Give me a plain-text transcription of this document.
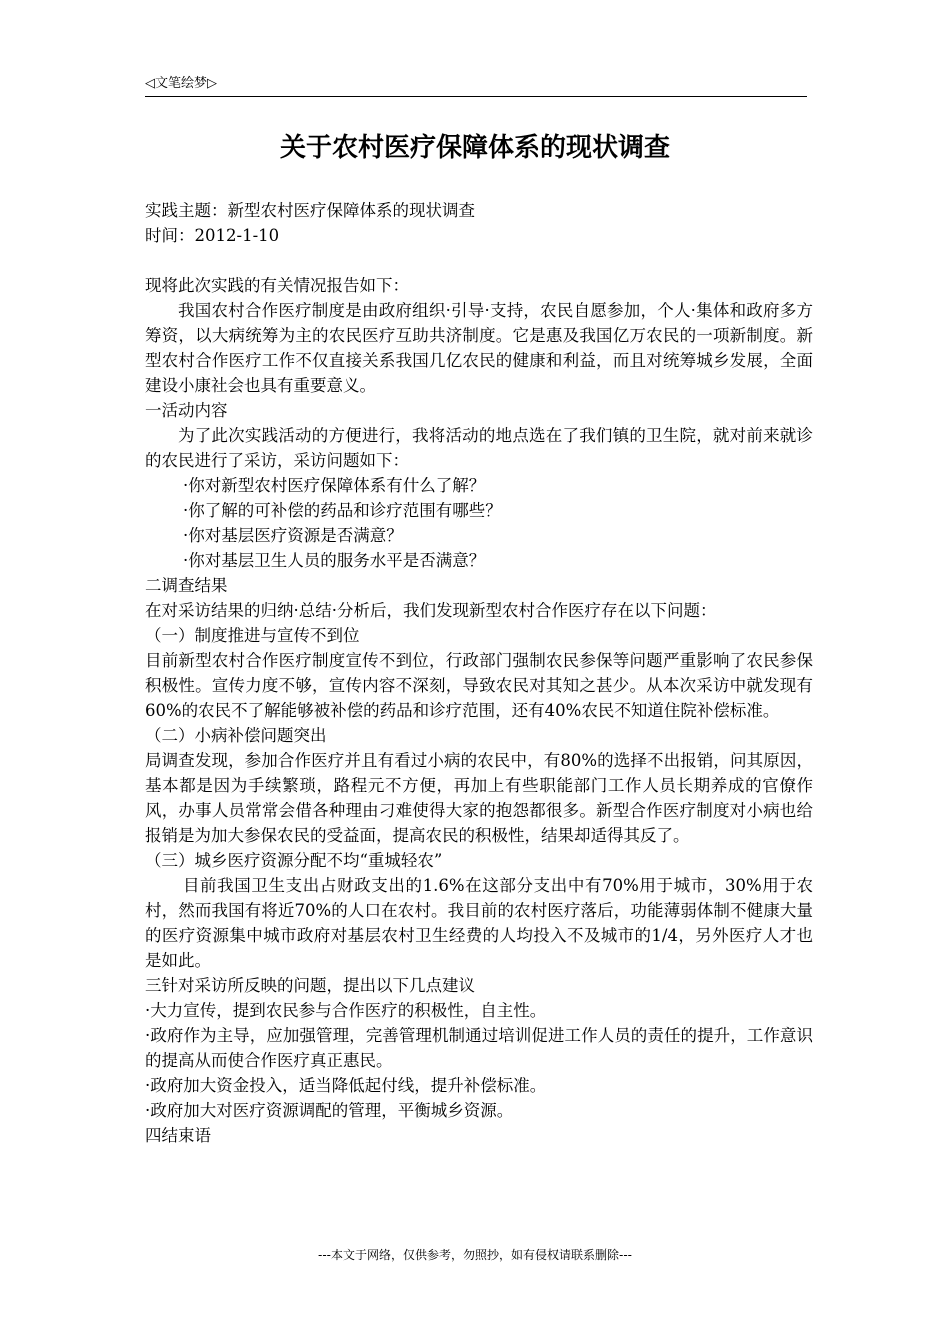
◁文笔绘梦▷
关于农村医疗保障体系的现状调查

实践主题：新型农村医疗保障体系的现状调查

时间：2012-1-10

现将此次实践的有关情况报告如下：

我国农村合作医疗制度是由政府组织·引导·支持，农民自愿参加，个人·集体和政府多方筹资，以大病统筹为主的农民医疗互助共济制度。它是惠及我国亿万农民的一项新制度。新型农村合作医疗工作不仅直接关系我国几亿农民的健康和利益，而且对统筹城乡发展，全面建设小康社会也具有重要意义。

一活动内容

为了此次实践活动的方便进行，我将活动的地点选在了我们镇的卫生院，就对前来就诊的农民进行了采访，采访问题如下：

·你对新型农村医疗保障体系有什么了解？

·你了解的可补偿的药品和诊疗范围有哪些？

·你对基层医疗资源是否满意？

·你对基层卫生人员的服务水平是否满意？

二调查结果

在对采访结果的归纳·总结·分析后，我们发现新型农村合作医疗存在以下问题：

（一）制度推进与宣传不到位

目前新型农村合作医疗制度宣传不到位，行政部门强制农民参保等问题严重影响了农民参保积极性。宣传力度不够，宣传内容不深刻，导致农民对其知之甚少。从本次采访中就发现有60%的农民不了解能够被补偿的药品和诊疗范围，还有40%农民不知道住院补偿标准。

（二）小病补偿问题突出

局调查发现，参加合作医疗并且有看过小病的农民中，有80%的选择不出报销，问其原因，基本都是因为手续繁琐，路程元不方便，再加上有些职能部门工作人员长期养成的官僚作风，办事人员常常会借各种理由刁难使得大家的抱怨都很多。新型合作医疗制度对小病也给报销是为加大参保农民的受益面，提高农民的积极性，结果却适得其反了。

（三）城乡医疗资源分配不均“重城轻农”

目前我国卫生支出占财政支出的1.6%在这部分支出中有70%用于城市，30%用于农村，然而我国有将近70%的人口在农村。我目前的农村医疗落后，功能薄弱体制不健康大量的医疗资源集中城市政府对基层农村卫生经费的人均投入不及城市的1/4，另外医疗人才也是如此。

三针对采访所反映的问题，提出以下几点建议

·大力宣传，提到农民参与合作医疗的积极性，自主性。

·政府作为主导，应加强管理，完善管理机制通过培训促进工作人员的责任的提升，工作意识的提高从而使合作医疗真正惠民。

·政府加大资金投入，适当降低起付线，提升补偿标准。

·政府加大对医疗资源调配的管理，平衡城乡资源。

四结束语

---本文于网络，仅供参考，勿照抄，如有侵权请联系删除---
